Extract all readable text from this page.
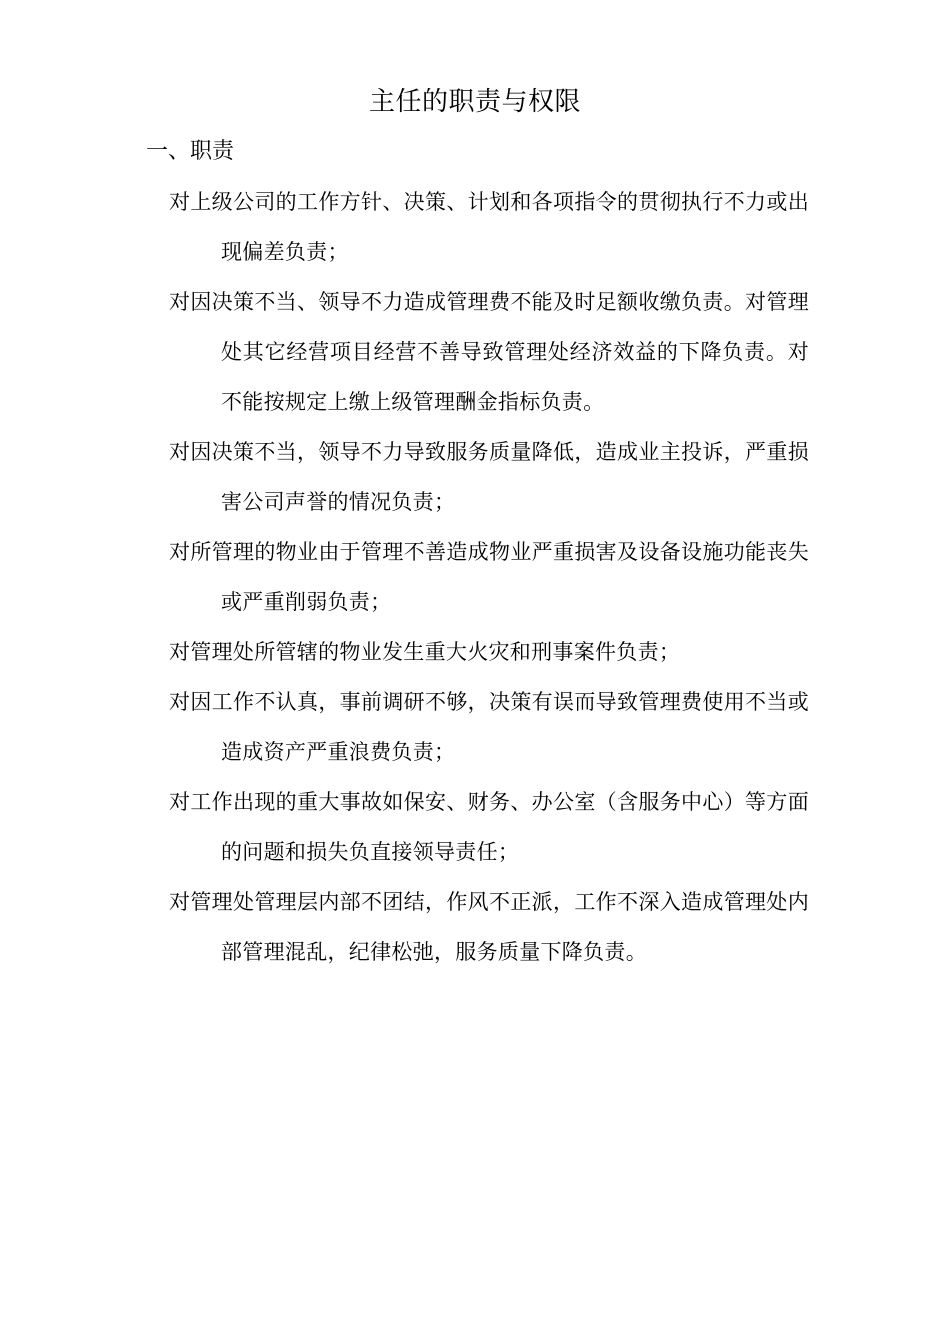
主任的职责与权限
一、职责
对上级公司的工作方针、决策、计划和各项指令的贯彻执行不力或出现偏差负责；
对因决策不当、领导不力造成管理费不能及时足额收缴负责。对管理处其它经营项目经营不善导致管理处经济效益的下降负责。对不能按规定上缴上级管理酬金指标负责。
对因决策不当，领导不力导致服务质量降低，造成业主投诉，严重损害公司声誉的情况负责；
对所管理的物业由于管理不善造成物业严重损害及设备设施功能丧失或严重削弱负责；
对管理处所管辖的物业发生重大火灾和刑事案件负责；
对因工作不认真，事前调研不够，决策有误而导致管理费使用不当或造成资产严重浪费负责；
对工作出现的重大事故如保安、财务、办公室（含服务中心）等方面的问题和损失负直接领导责任；
对管理处管理层内部不团结，作风不正派，工作不深入造成管理处内部管理混乱，纪律松弛，服务质量下降负责。
